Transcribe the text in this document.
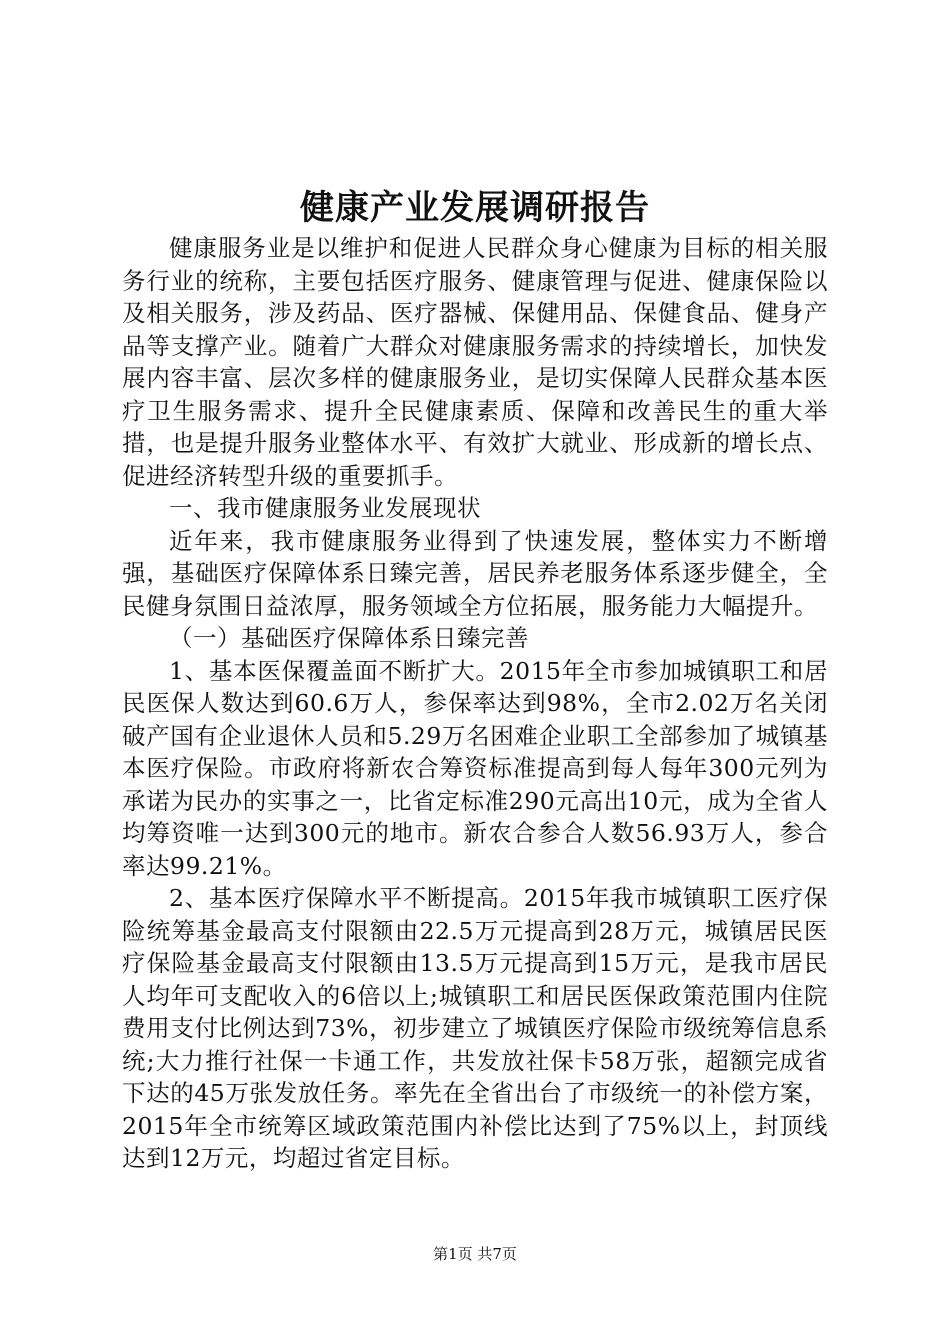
健康产业发展调研报告

健康服务业是以维护和促进人民群众身心健康为目标的相关服务行业的统称，主要包括医疗服务、健康管理与促进、健康保险以及相关服务，涉及药品、医疗器械、保健用品、保健食品、健身产品等支撑产业。随着广大群众对健康服务需求的持续增长，加快发展内容丰富、层次多样的健康服务业，是切实保障人民群众基本医疗卫生服务需求、提升全民健康素质、保障和改善民生的重大举措，也是提升服务业整体水平、有效扩大就业、形成新的增长点、促进经济转型升级的重要抓手。

一、我市健康服务业发展现状

近年来，我市健康服务业得到了快速发展，整体实力不断增强，基础医疗保障体系日臻完善，居民养老服务体系逐步健全，全民健身氛围日益浓厚，服务领域全方位拓展，服务能力大幅提升。

（一）基础医疗保障体系日臻完善

1、基本医保覆盖面不断扩大。2015年全市参加城镇职工和居民医保人数达到60.6万人，参保率达到98%，全市2.02万名关闭破产国有企业退休人员和5.29万名困难企业职工全部参加了城镇基本医疗保险。市政府将新农合筹资标准提高到每人每年300元列为承诺为民办的实事之一，比省定标准290元高出10元，成为全省人均筹资唯一达到300元的地市。新农合参合人数56.93万人，参合率达99.21%。

2、基本医疗保障水平不断提高。2015年我市城镇职工医疗保险统筹基金最高支付限额由22.5万元提高到28万元，城镇居民医疗保险基金最高支付限额由13.5万元提高到15万元，是我市居民人均年可支配收入的6倍以上;城镇职工和居民医保政策范围内住院费用支付比例达到73%，初步建立了城镇医疗保险市级统筹信息系统;大力推行社保一卡通工作，共发放社保卡58万张，超额完成省下达的45万张发放任务。率先在全省出台了市级统一的补偿方案，2015年全市统筹区域政策范围内补偿比达到了75%以上，封顶线达到12万元，均超过省定目标。

第1页 共7页
